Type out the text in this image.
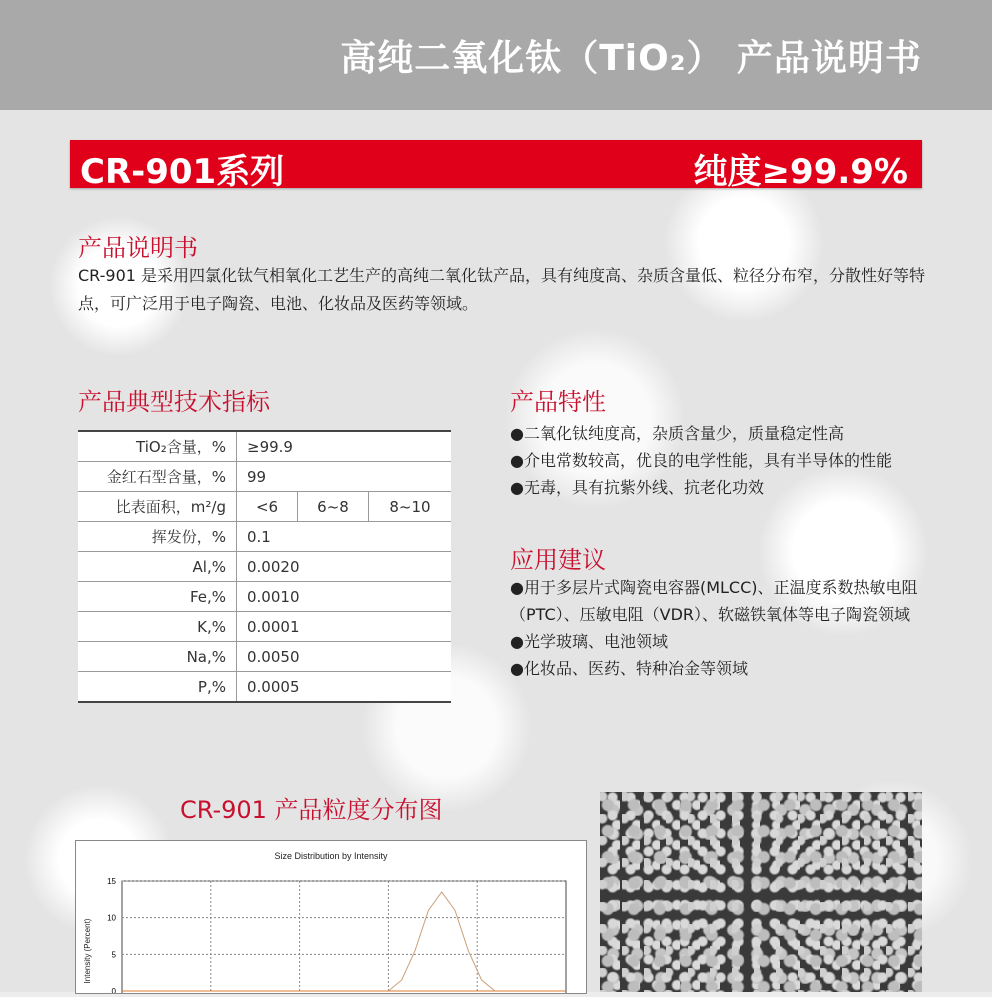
高纯二氧化钛（TiO₂） 产品说明书
CR-901系列	纯度≥99.9%
产品说明书
CR-901 是采用四氯化钛气相氧化工艺生产的高纯二氧化钛产品，具有纯度高、杂质含量低、粒径分布窄，分散性好等特点，可广泛用于电子陶瓷、电池、化妆品及医药等领域。
产品典型技术指标
TiO₂含量，%	≥99.9		
金红石型含量，%	99		
比表面积，m²/g	<6	6~8	8~10
挥发份，%	0.1		
Al,%	0.0020		
Fe,%	0.0010		
K,%	0.0001		
Na,%	0.0050		
P,%	0.0005		
产品特性
●二氧化钛纯度高，杂质含量少，质量稳定性高
●介电常数较高，优良的电学性能，具有半导体的性能
●无毒，具有抗紫外线、抗老化功效
应用建议
●用于多层片式陶瓷电容器(MLCC)、正温度系数热敏电阻（PTC）、压敏电阻（VDR）、软磁铁氧体等电子陶瓷领域
●光学玻璃、电池领域
●化妆品、医药、特种冶金等领域
CR-901 产品粒度分布图
Size Distribution by Intensity
Intensity (Percent)
15
10
5
0
